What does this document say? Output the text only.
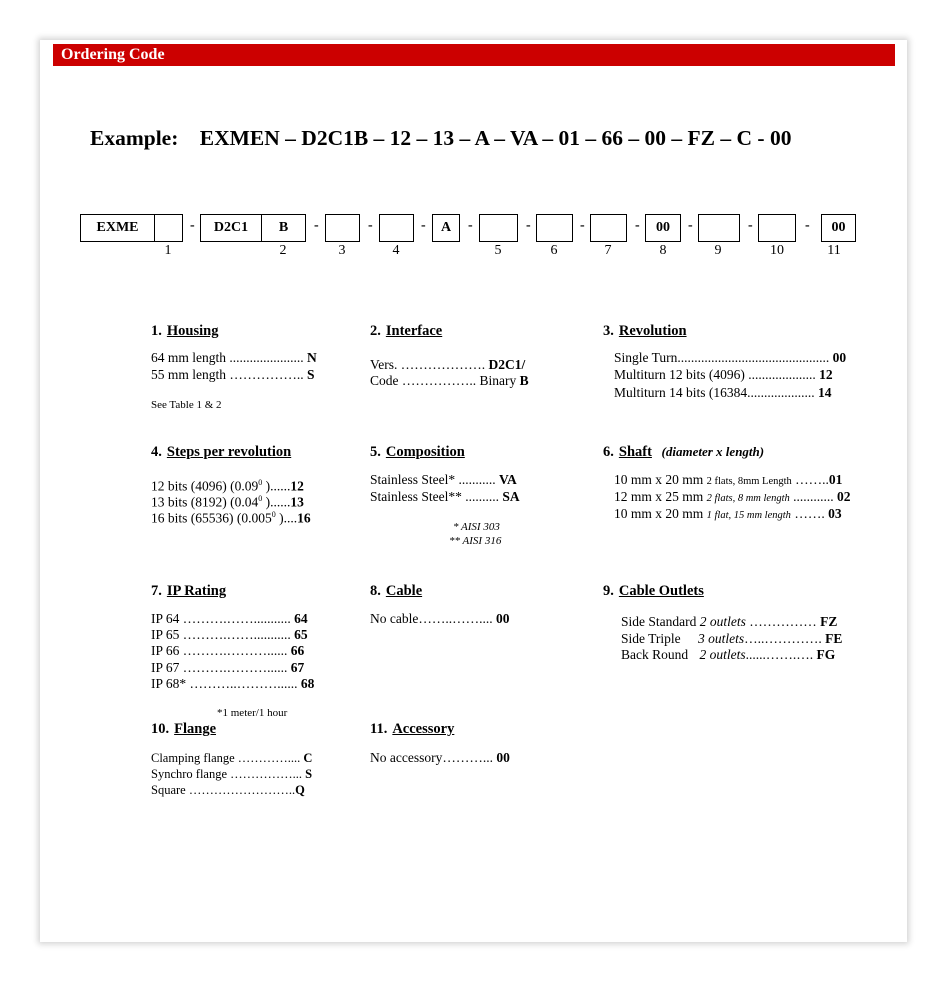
Ordering Code
Example: EXMEN – D2C1B – 12 – 13 – A – VA – 01 – 66 – 00 – FZ – C - 00
EXME	-	D2C1	B	-	-	-	A	-	-	-	-	00	-	-	-	00
1	2	3	4	5	6	7	8	9	10	11
1. Housing
64 mm length ...................... N
55 mm length …………….. S
See Table 1 & 2
2. Interface
Vers. ………………. D2C1/
Code …………….. Binary B
3. Revolution
Single Turn............................................. 00
Multiturn 12 bits (4096) .................... 12
Multiturn 14 bits (16384.................... 14
4. Steps per revolution
12 bits (4096) (0.09$^0$ )......12
13 bits (8192) (0.04$^0$ )......13
16 bits (65536) (0.005$^0$ )....16
5. Composition
Stainless Steel* ........... VA
Stainless Steel** .......... SA
* AISI 303
** AISI 316
6. Shaft (diameter x length)
10 mm x 20 mm 2 flats, 8mm Length ……..01
12 mm x 25 mm 2 flats, 8 mm length ............ 02
10 mm x 20 mm 1 flat, 15 mm length ……. 03
7. IP Rating
IP 64 ……….……........... 64
IP 65 ……….……........... 65
IP 66 ……….………...... 66
IP 67 ……….………...... 67
IP 68* ………..………...... 68
*1 meter/1 hour
8. Cable
No cable……..…….... 00
9. Cable Outlets
Side Standard 2 outlets …………… FZ
Side Triple 3 outlets…..…………. FE
Back Round 2 outlets......…….…. FG
10. Flange
Clamping flange ………….... C
Synchro flange ……………... S
Square ……………………..Q
11. Accessory
No accessory………... 00
